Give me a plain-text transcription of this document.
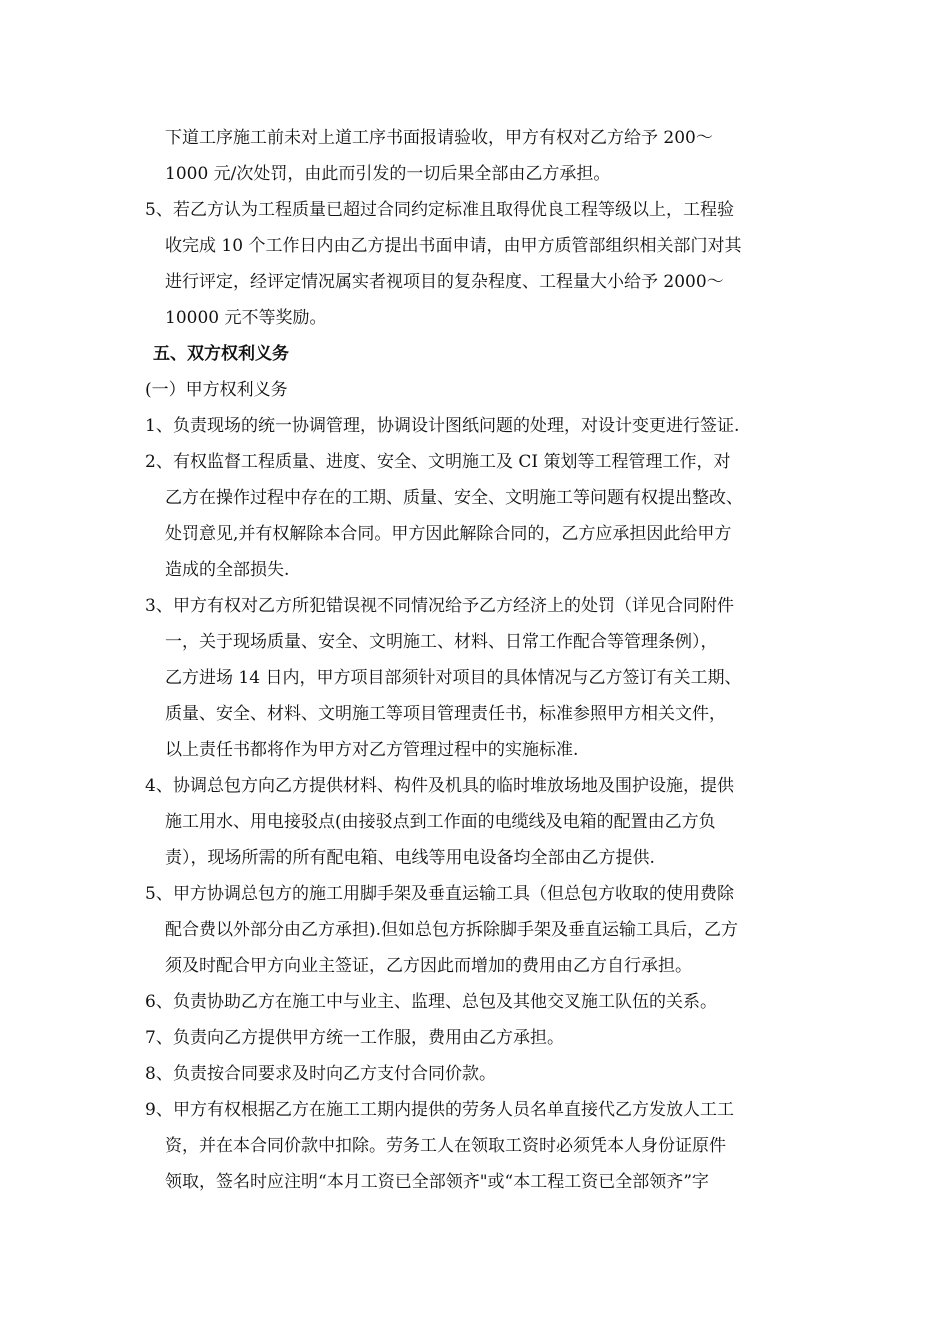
下道工序施工前未对上道工序书面报请验收，甲方有权对乙方给予 200～
1000 元/次处罚，由此而引发的一切后果全部由乙方承担。
5、 若乙方认为工程质量已超过合同约定标准且取得优良工程等级以上，工程验
收完成 10 个工作日内由乙方提出书面申请，由甲方质管部组织相关部门对其
进行评定，经评定情况属实者视项目的复杂程度、工程量大小给予 2000～
10000 元不等奖励。
五、双方权利义务
(一）甲方权利义务
1、 负责现场的统一协调管理，协调设计图纸问题的处理，对设计变更进行签证.
2、 有权监督工程质量、进度、安全、文明施工及 CI 策划等工程管理工作，对
乙方在操作过程中存在的工期、质量、安全、文明施工等问题有权提出整改、
处罚意见,并有权解除本合同。甲方因此解除合同的，乙方应承担因此给甲方
造成的全部损失.
3、 甲方有权对乙方所犯错误视不同情况给予乙方经济上的处罚（详见合同附件
一，关于现场质量、安全、文明施工、材料、日常工作配合等管理条例），
乙方进场 14 日内，甲方项目部须针对项目的具体情况与乙方签订有关工期、
质量、安全、材料、文明施工等项目管理责任书，标准参照甲方相关文件，
以上责任书都将作为甲方对乙方管理过程中的实施标准.
4、 协调总包方向乙方提供材料、构件及机具的临时堆放场地及围护设施，提供
施工用水、用电接驳点(由接驳点到工作面的电缆线及电箱的配置由乙方负
责），现场所需的所有配电箱、电线等用电设备均全部由乙方提供.
5、 甲方协调总包方的施工用脚手架及垂直运输工具（但总包方收取的使用费除
配合费以外部分由乙方承担).但如总包方拆除脚手架及垂直运输工具后，乙方
须及时配合甲方向业主签证，乙方因此而增加的费用由乙方自行承担。
6、 负责协助乙方在施工中与业主、监理、总包及其他交叉施工队伍的关系。
7、 负责向乙方提供甲方统一工作服，费用由乙方承担。
8、 负责按合同要求及时向乙方支付合同价款。
9、 甲方有权根据乙方在施工工期内提供的劳务人员名单直接代乙方发放人工工
资，并在本合同价款中扣除。劳务工人在领取工资时必须凭本人身份证原件
领取，签名时应注明“本月工资已全部领齐"或“本工程工资已全部领齐”字
